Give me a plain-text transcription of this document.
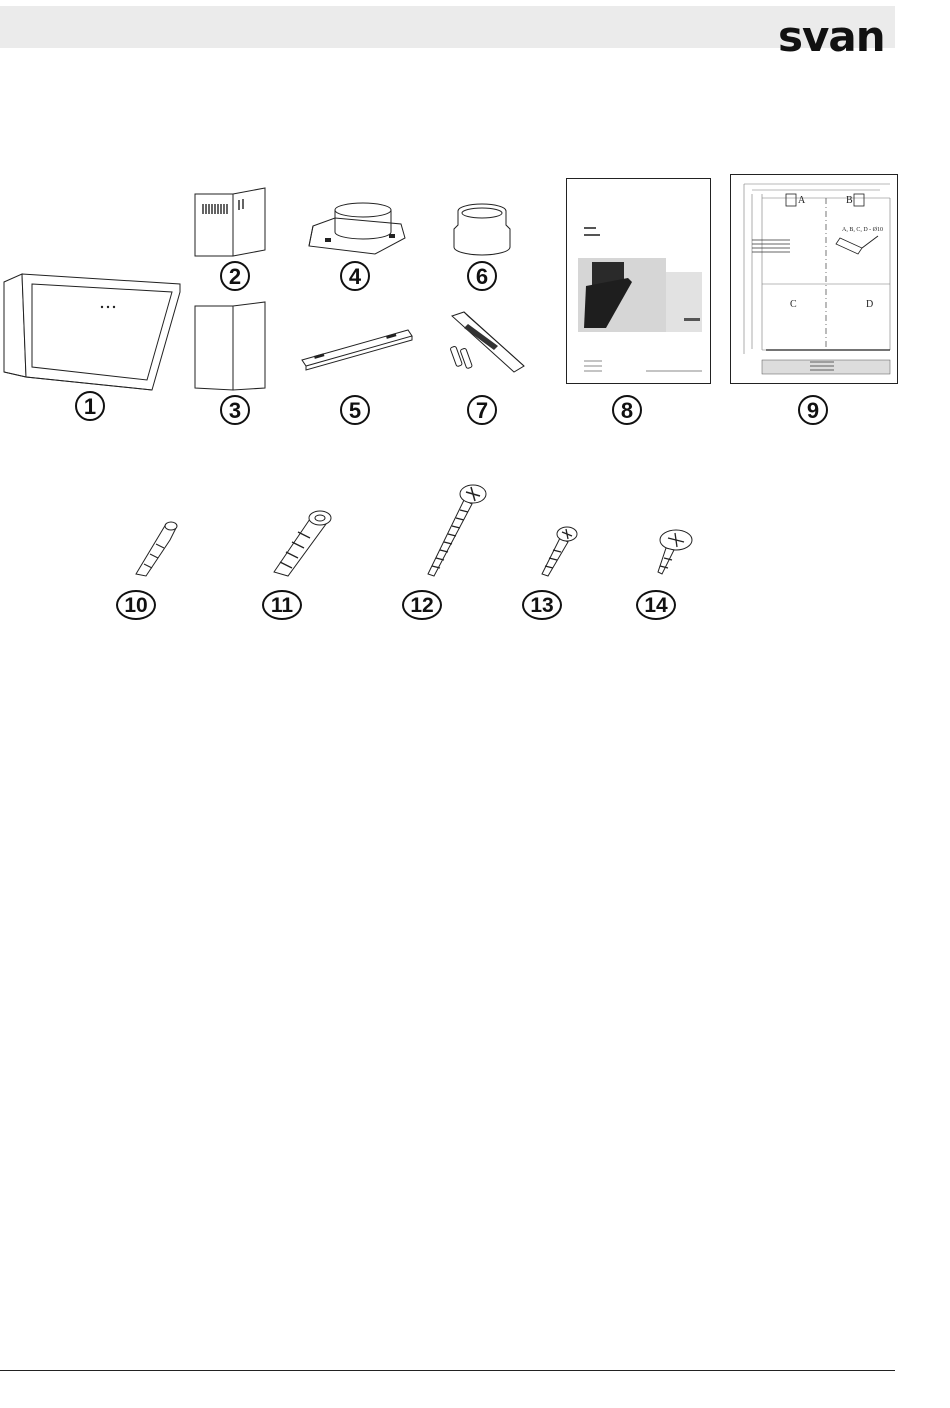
svan
1
2
3
4
5
6
7	8
A	B
C	D
A, B, C, D - Ø10
9
10	11	12	13	14
